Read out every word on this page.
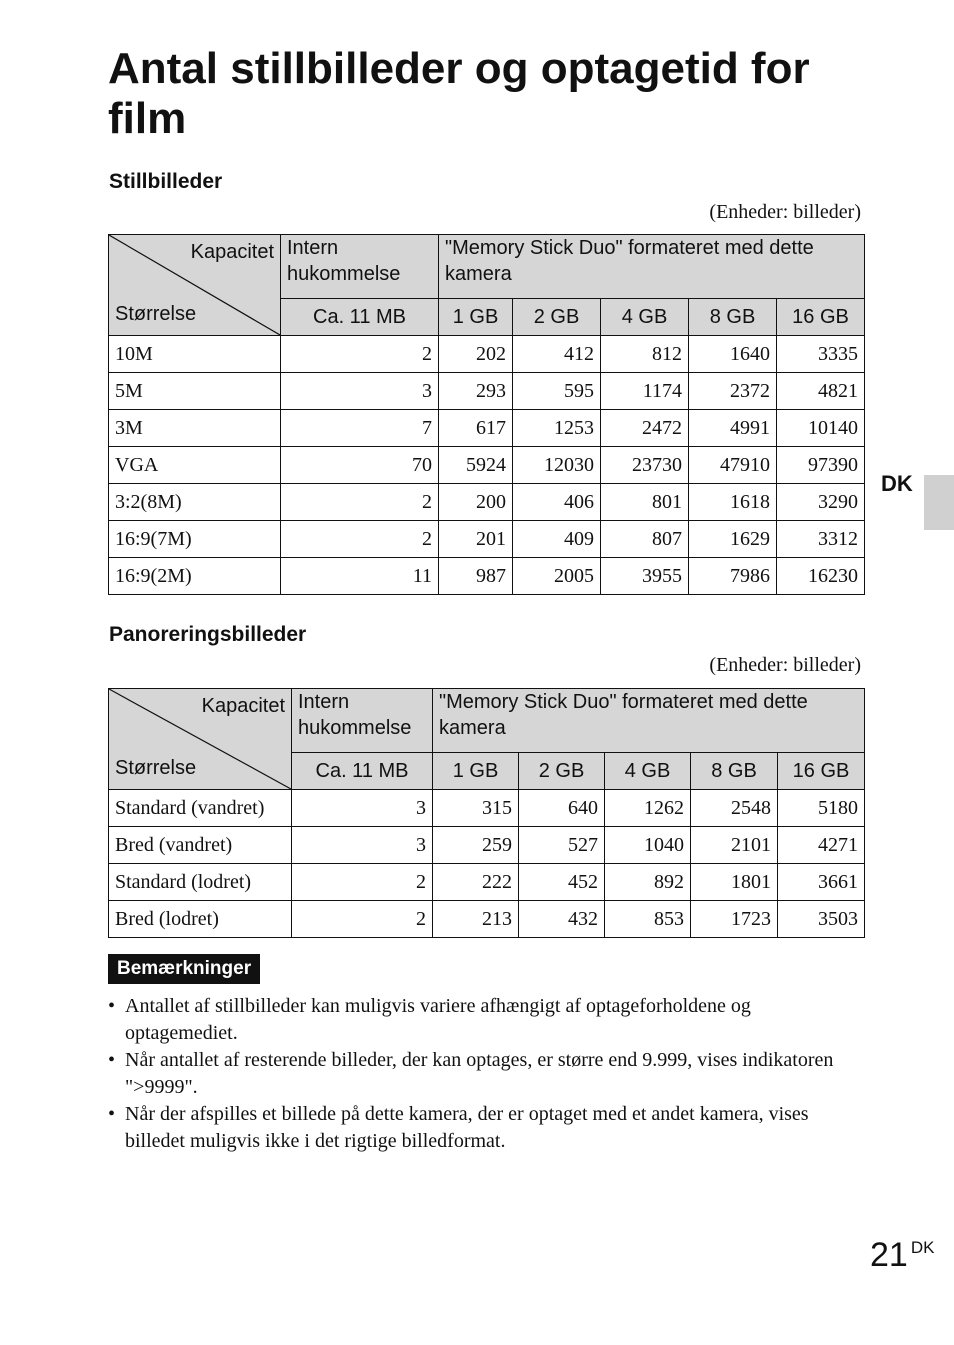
Antal stillbilleder og optagetid for film
Stillbilleder
(Enheder: billeder)
Kapacitet
Størrelse	Intern hukommelse	"Memory Stick Duo" formateret med dette kamera				
	Ca. 11 MB	1 GB	2 GB	4 GB	8 GB	16 GB
10M	2	202	412	812	1640	3335
5M	3	293	595	1174	2372	4821
3M	7	617	1253	2472	4991	10140
VGA	70	5924	12030	23730	47910	97390
3:2(8M)	2	200	406	801	1618	3290
16:9(7M)	2	201	409	807	1629	3312
16:9(2M)	11	987	2005	3955	7986	16230
DK
Panoreringsbilleder
(Enheder: billeder)
Kapacitet
Størrelse	Intern hukommelse	"Memory Stick Duo" formateret med dette kamera				
	Ca. 11 MB	1 GB	2 GB	4 GB	8 GB	16 GB
Standard (vandret)	3	315	640	1262	2548	5180
Bred (vandret)	3	259	527	1040	2101	4271
Standard (lodret)	2	222	452	892	1801	3661
Bred (lodret)	2	213	432	853	1723	3503
Bemærkninger
• Antallet af stillbilleder kan muligvis variere afhængigt af optageforholdene og optagemediet.
• Når antallet af resterende billeder, der kan optages, er større end 9.999, vises indikatoren ">9999".
• Når der afspilles et billede på dette kamera, der er optaget med et andet kamera, vises billedet muligvis ikke i det rigtige billedformat.
21 $^{DK}$
